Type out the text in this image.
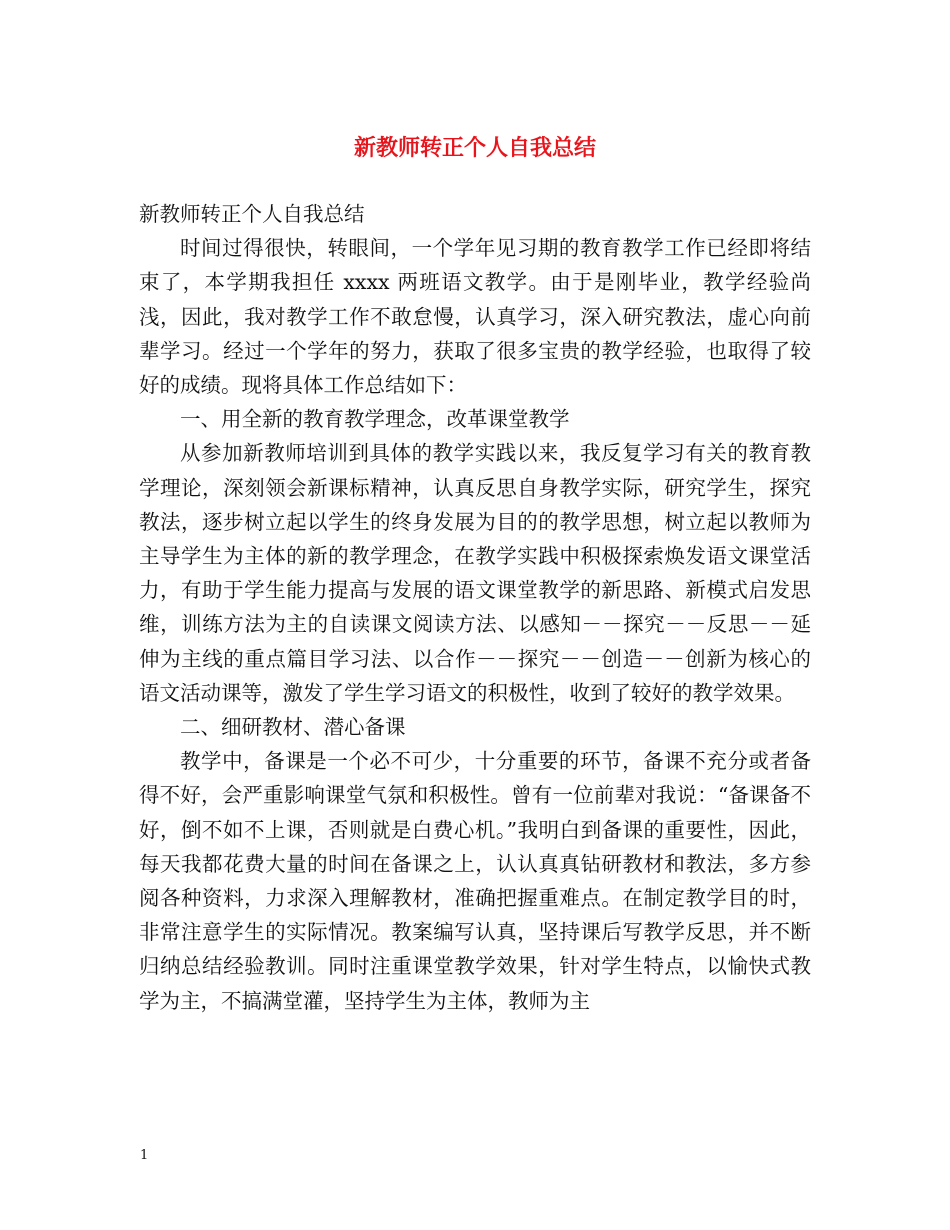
新教师转正个人自我总结

新教师转正个人自我总结

时间过得很快，转眼间，一个学年见习期的教育教学工作已经即将结束了，本学期我担任 xxxx 两班语文教学。由于是刚毕业，教学经验尚浅，因此，我对教学工作不敢怠慢，认真学习，深入研究教法，虚心向前辈学习。经过一个学年的努力，获取了很多宝贵的教学经验，也取得了较好的成绩。现将具体工作总结如下：

一、用全新的教育教学理念，改革课堂教学

从参加新教师培训到具体的教学实践以来，我反复学习有关的教育教学理论，深刻领会新课标精神，认真反思自身教学实际，研究学生，探究教法，逐步树立起以学生的终身发展为目的的教学思想，树立起以教师为主导学生为主体的新的教学理念，在教学实践中积极探索焕发语文课堂活力，有助于学生能力提高与发展的语文课堂教学的新思路、新模式启发思维，训练方法为主的自读课文阅读方法、以感知－－探究－－反思－－延伸为主线的重点篇目学习法、以合作－－探究－－创造－－创新为核心的语文活动课等，激发了学生学习语文的积极性，收到了较好的教学效果。

二、细研教材、潜心备课

教学中，备课是一个必不可少，十分重要的环节，备课不充分或者备得不好，会严重影响课堂气氛和积极性。曾有一位前辈对我说：“备课备不好，倒不如不上课，否则就是白费心机。”我明白到备课的重要性，因此，每天我都花费大量的时间在备课之上，认认真真钻研教材和教法，多方参阅各种资料，力求深入理解教材，准确把握重难点。在制定教学目的时，非常注意学生的实际情况。教案编写认真，坚持课后写教学反思，并不断归纳总结经验教训。同时注重课堂教学效果，针对学生特点，以愉快式教学为主，不搞满堂灌，坚持学生为主体，教师为主

1
